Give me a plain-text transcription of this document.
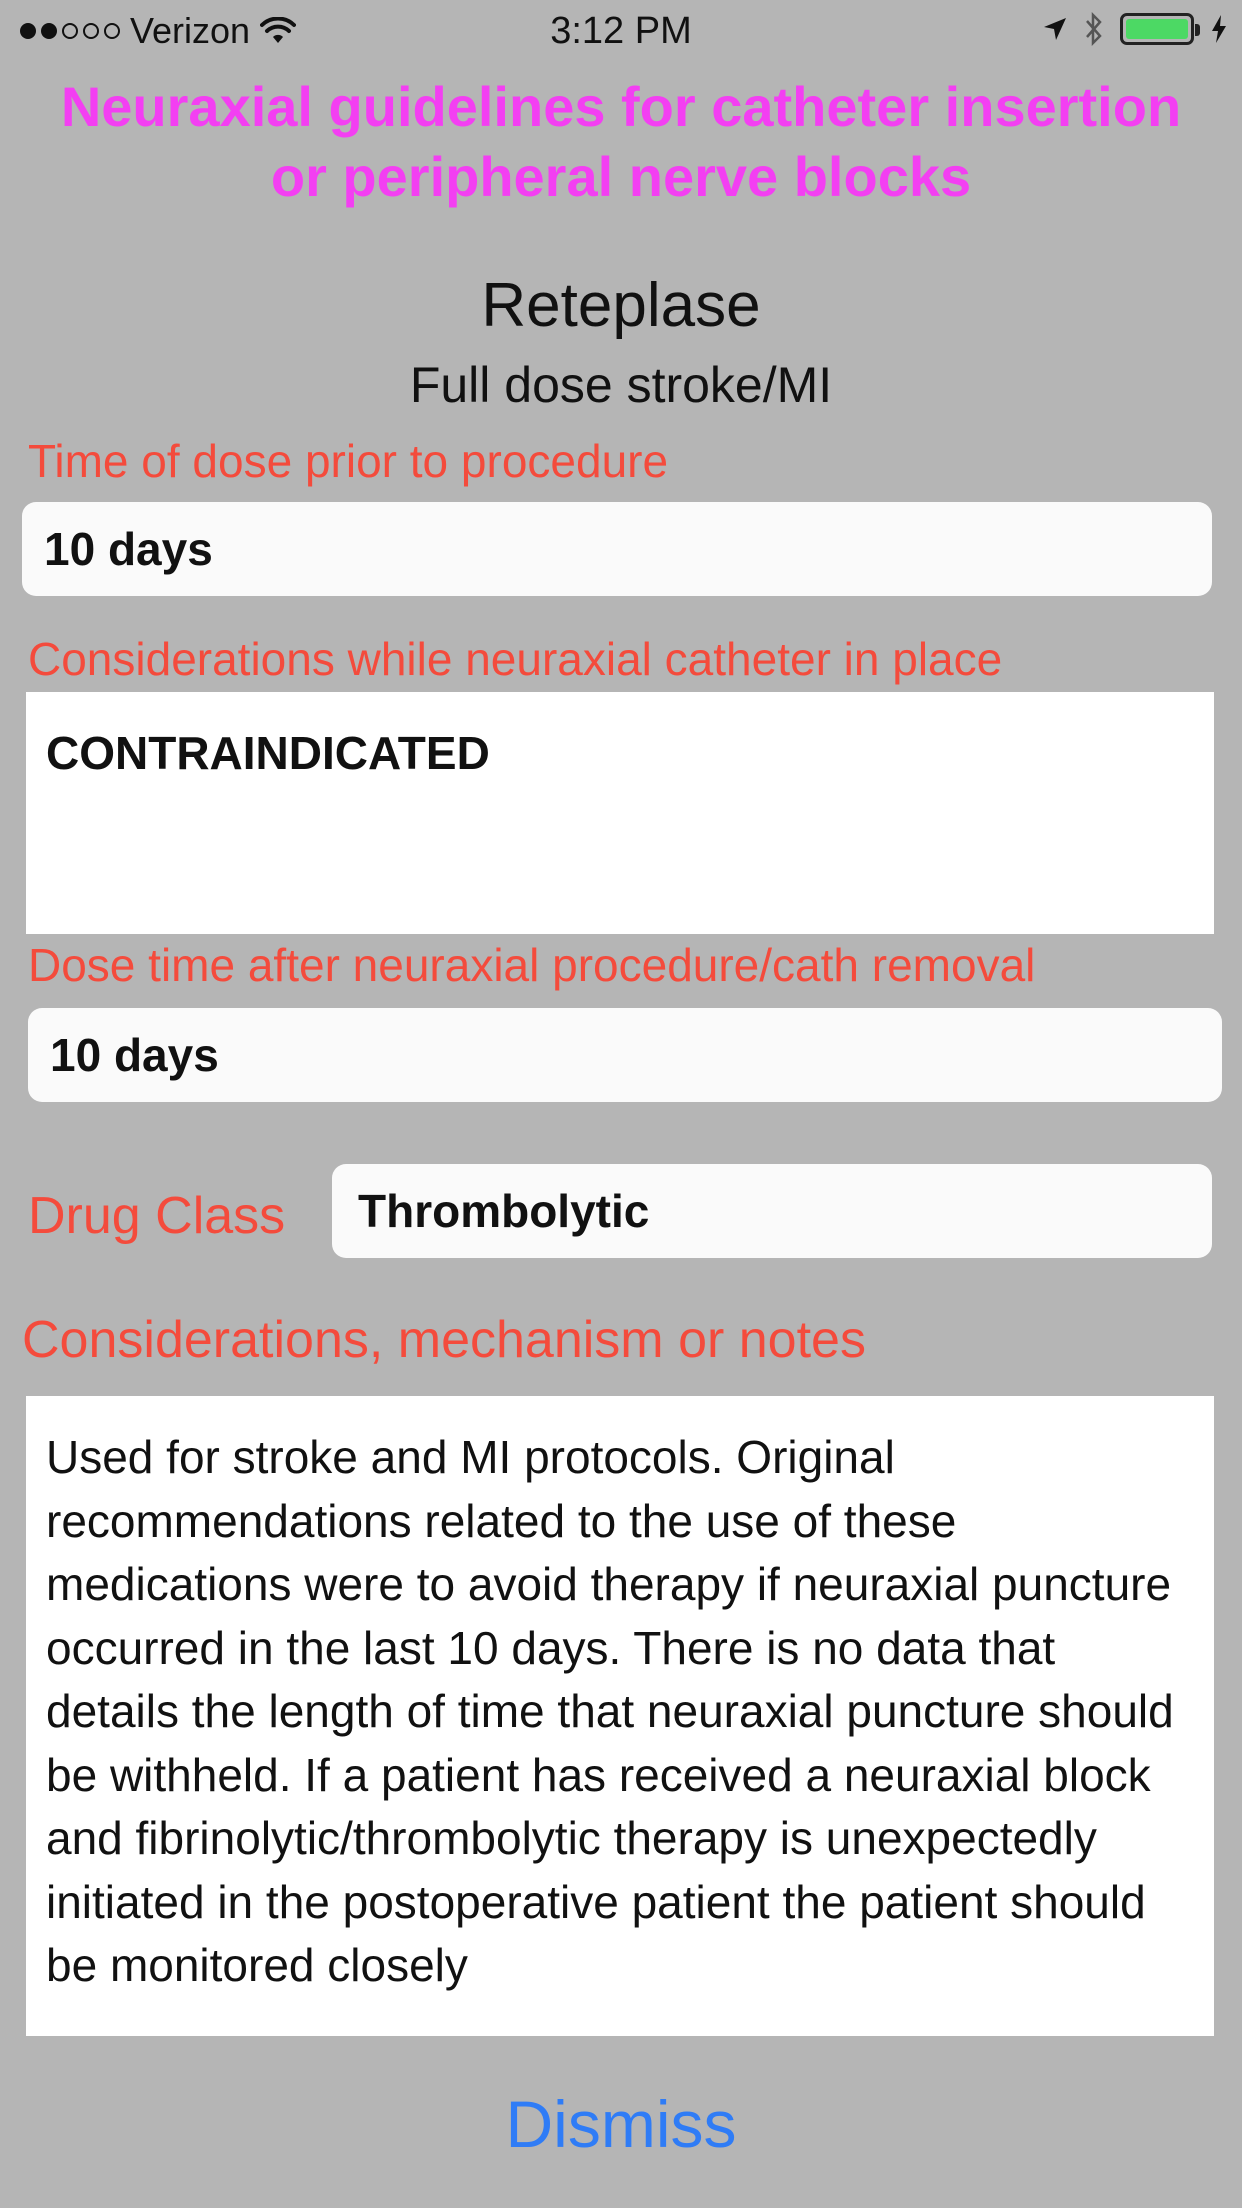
Verizon	3:12 PM
Neuraxial guidelines for catheter insertion or peripheral nerve blocks
Reteplase
Full dose stroke/MI
Time of dose prior to procedure
10 days
Considerations while neuraxial catheter in place
CONTRAINDICATED
Dose time after neuraxial procedure/cath removal
10 days
Drug Class Thrombolytic
Considerations, mechanism or notes
Used for stroke and MI protocols. Original recommendations related to the use of these medications were to avoid therapy if neuraxial puncture occurred in the last 10 days. There is no data that details the length of time that neuraxial puncture should be withheld. If a patient has received a neuraxial block and fibrinolytic/thrombolytic therapy is unexpectedly initiated in the postoperative patient the patient should be monitored closely
Dismiss
